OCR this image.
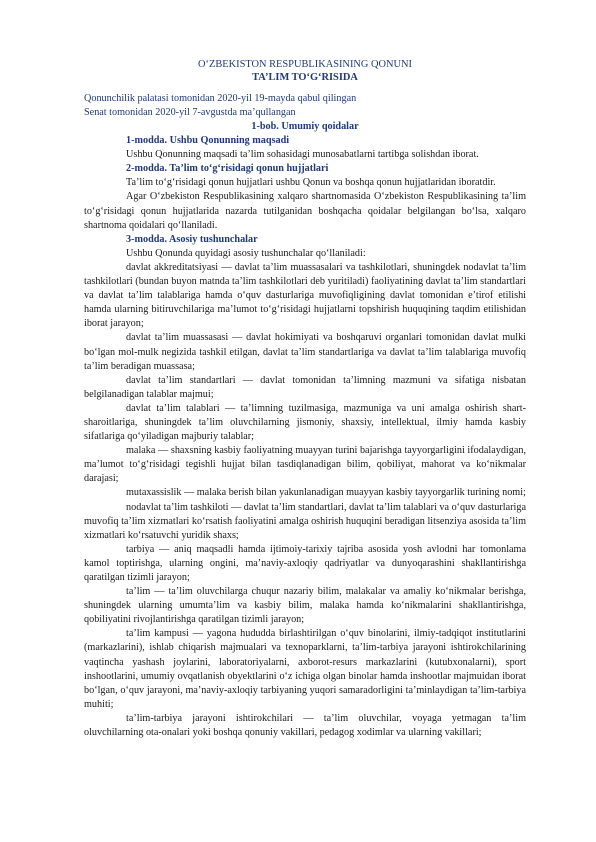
O‘ZBEKISTON RESPUBLIKASINING QONUNI
TA’LIM TO‘G‘RISIDA
Qonunchilik palatasi tomonidan 2020-yil 19-mayda qabul qilingan
Senat tomonidan 2020-yil 7-avgustda ma’qullangan
1-bob. Umumiy qoidalar
1-modda. Ushbu Qonunning maqsadi

Ushbu Qonunning maqsadi ta’lim sohasidagi munosabatlarni tartibga solishdan iborat.

2-modda. Ta’lim to‘g‘risidagi qonun hujjatlari

Ta’lim to‘g‘risidagi qonun hujjatlari ushbu Qonun va boshqa qonun hujjatlaridan iboratdir.

Agar O‘zbekiston Respublikasining xalqaro shartnomasida O‘zbekiston Respublikasining ta’lim to‘g‘risidagi qonun hujjatlarida nazarda tutilganidan boshqacha qoidalar belgilangan bo‘lsa, xalqaro shartnoma qoidalari qo‘llaniladi.

3-modda. Asosiy tushunchalar

Ushbu Qonunda quyidagi asosiy tushunchalar qo‘llaniladi:

davlat akkreditatsiyasi — davlat ta’lim muassasalari va tashkilotlari, shuningdek nodavlat ta’lim tashkilotlari (bundan buyon matnda ta’lim tashkilotlari deb yuritiladi) faoliyatining davlat ta’lim standartlari va davlat ta’lim talablariga hamda o‘quv dasturlariga muvofiqligining davlat tomonidan e’tirof etilishi hamda ularning bitiruvchilariga ma’lumot to‘g‘risidagi hujjatlarni topshirish huquqining taqdim etilishidan iborat jarayon;

davlat ta’lim muassasasi — davlat hokimiyati va boshqaruvi organlari tomonidan davlat mulki bo‘lgan mol-mulk negizida tashkil etilgan, davlat ta’lim standartlariga va davlat ta’lim talablariga muvofiq ta’lim beradigan muassasa;

davlat ta’lim standartlari — davlat tomonidan ta’limning mazmuni va sifatiga nisbatan belgilanadigan talablar majmui;

davlat ta’lim talablari — ta’limning tuzilmasiga, mazmuniga va uni amalga oshirish shart-sharoitlariga, shuningdek ta’lim oluvchilarning jismoniy, shaxsiy, intellektual, ilmiy hamda kasbiy sifatlariga qo‘yiladigan majburiy talablar;

malaka — shaxsning kasbiy faoliyatning muayyan turini bajarishga tayyorgarligini ifodalaydigan, ma’lumot to‘g‘risidagi tegishli hujjat bilan tasdiqlanadigan bilim, qobiliyat, mahorat va ko‘nikmalar darajasi;

mutaxassislik — malaka berish bilan yakunlanadigan muayyan kasbiy tayyorgarlik turining nomi;

nodavlat ta’lim tashkiloti — davlat ta’lim standartlari, davlat ta’lim talablari va o‘quv dasturlariga muvofiq ta’lim xizmatlari ko‘rsatish faoliyatini amalga oshirish huquqini beradigan litsenziya asosida ta’lim xizmatlari ko‘rsatuvchi yuridik shaxs;

tarbiya — aniq maqsadli hamda ijtimoiy-tarixiy tajriba asosida yosh avlodni har tomonlama kamol toptirishga, ularning ongini, ma’naviy-axloqiy qadriyatlar va dunyoqarashini shakllantirishga qaratilgan tizimli jarayon;

ta’lim — ta’lim oluvchilarga chuqur nazariy bilim, malakalar va amaliy ko‘nikmalar berishga, shuningdek ularning umumta’lim va kasbiy bilim, malaka hamda ko‘nikmalarini shakllantirishga, qobiliyatini rivojlantirishga qaratilgan tizimli jarayon;

ta’lim kampusi — yagona hududda birlashtirilgan o‘quv binolarini, ilmiy-tadqiqot institutlarini (markazlarini), ishlab chiqarish majmualari va texnoparklarni, ta’lim-tarbiya jarayoni ishtirokchilarining vaqtincha yashash joylarini, laboratoriyalarni, axborot-resurs markazlarini (kutubxonalarni), sport inshootlarini, umumiy ovqatlanish obyektlarini o‘z ichiga olgan binolar hamda inshootlar majmuidan iborat bo‘lgan, o‘quv jarayoni, ma’naviy-axloqiy tarbiyaning yuqori samaradorligini ta’minlaydigan ta’lim-tarbiya muhiti;

ta’lim-tarbiya jarayoni ishtirokchilari — ta’lim oluvchilar, voyaga yetmagan ta’lim oluvchilarning ota-onalari yoki boshqa qonuniy vakillari, pedagog xodimlar va ularning vakillari;
